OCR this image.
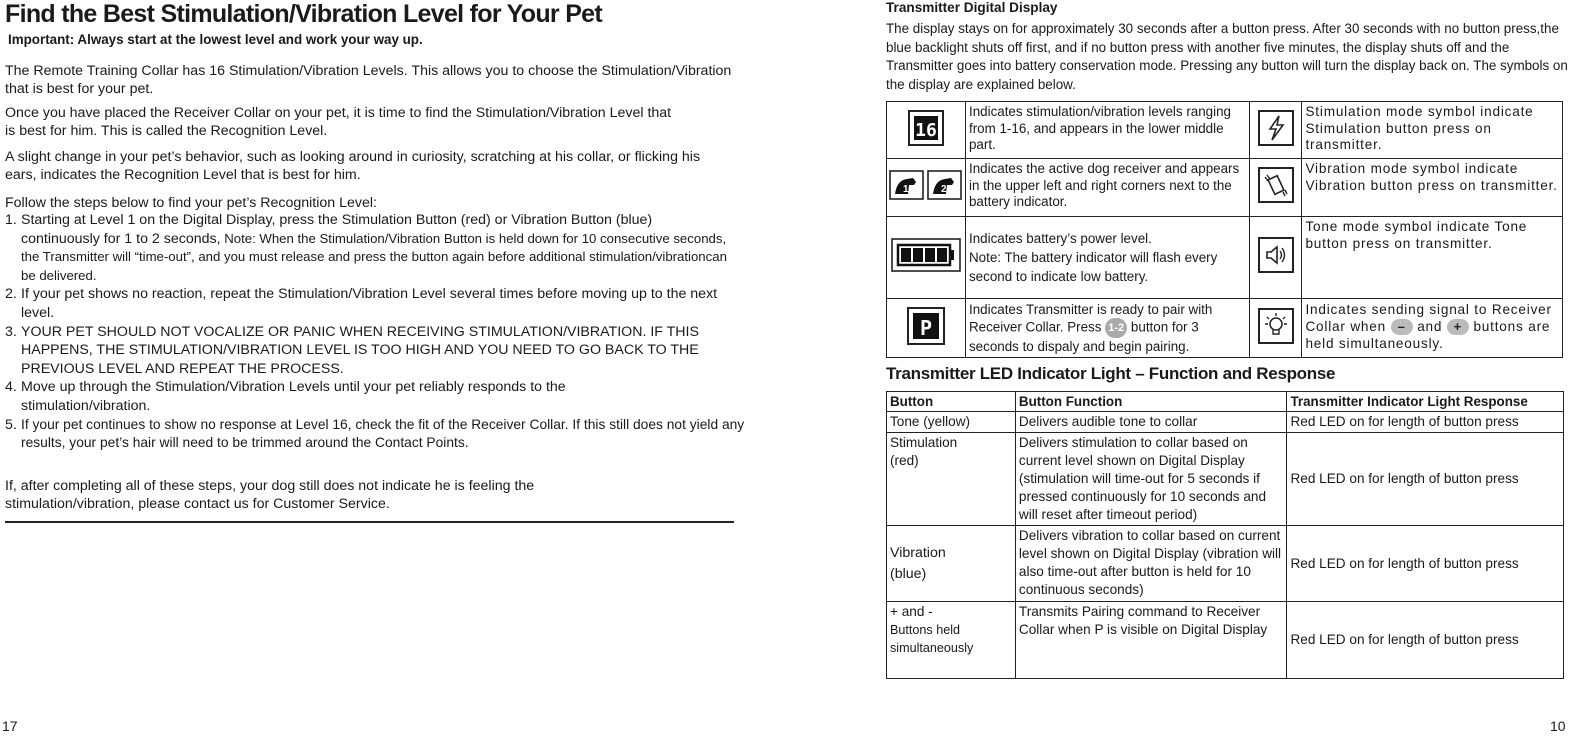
Find the Best Stimulation/Vibration Level for Your Pet
Important: Always start at the lowest level and work your way up.
The Remote Training Collar has 16 Stimulation/Vibration Levels. This allows you to choose the Stimulation/Vibration that is best for your pet.
Once you have placed the Receiver Collar on your pet, it is time to find the Stimulation/Vibration Level that is best for him. This is called the Recognition Level.
A slight change in your pet’s behavior, such as looking around in curiosity, scratching at his collar, or flicking his ears, indicates the Recognition Level that is best for him.
Follow the steps below to find your pet’s Recognition Level:
1. Starting at Level 1 on the Digital Display, press the Stimulation Button (red) or Vibration Button (blue) continuously for 1 to 2 seconds, Note: When the Stimulation/Vibration Button is held down for 10 consecutive seconds, the Transmitter will “time-out”, and you must release and press the button again before additional stimulation/vibrationcan be delivered.
2. If your pet shows no reaction, repeat the Stimulation/Vibration Level several times before moving up to the next level.
3. YOUR PET SHOULD NOT VOCALIZE OR PANIC WHEN RECEIVING STIMULATION/VIBRATION. IF THIS HAPPENS, THE STIMULATION/VIBRATION LEVEL IS TOO HIGH AND YOU NEED TO GO BACK TO THE PREVIOUS LEVEL AND REPEAT THE PROCESS.
4. Move up through the Stimulation/Vibration Levels until your pet reliably responds to the stimulation/vibration.
5. If your pet continues to show no response at Level 16, check the fit of the Receiver Collar. If this still does not yield any results, your pet’s hair will need to be trimmed around the Contact Points.
If, after completing all of these steps, your dog still does not indicate he is feeling the stimulation/vibration, please contact us for Customer Service.
17
Transmitter Digital Display
The display stays on for approximately 30 seconds after a button press. After 30 seconds with no button press,the blue backlight shuts off first, and if no button press with another five minutes, the display shuts off and the Transmitter goes into battery conservation mode. Pressing any button will turn the display back on. The symbols on the display are explained below.
16	Indicates stimulation/vibration levels ranging from 1-16, and appears in the lower middle part.		Stimulation mode symbol indicate Stimulation button press on transmitter.

1 2	Indicates the active dog receiver and appears in the upper left and right corners next to the battery indicator.		Vibration mode symbol indicate Vibration button press on transmitter.
	Indicates battery’s power level.
Note: The battery indicator will flash every second to indicate low battery.		Tone mode symbol indicate Tone button press on transmitter.

P	Indicates Transmitter is ready to pair with Receiver Collar. Press 1-2 button for 3 seconds to dispaly and begin pairing.		Indicates sending signal to Receiver Collar when – and + buttons are held simultaneously.
Transmitter LED Indicator Light – Function and Response
Button	Button Function	Transmitter Indicator Light Response
Tone (yellow)	Delivers audible tone to collar	Red LED on for length of button press
Stimulation
(red)	Delivers stimulation to collar based on current level shown on Digital Display (stimulation will time-out for 5 seconds if pressed continuously for 10 seconds and will reset after timeout period)	Red LED on for length of button press
Vibration
(blue)	Delivers vibration to collar based on current level shown on Digital Display (vibration will also time-out after button is held for 10 continuous seconds)	Red LED on for length of button press
+ and -
Buttons held
simultaneously	Transmits Pairing command to Receiver Collar when P is visible on Digital Display	Red LED on for length of button press
10
